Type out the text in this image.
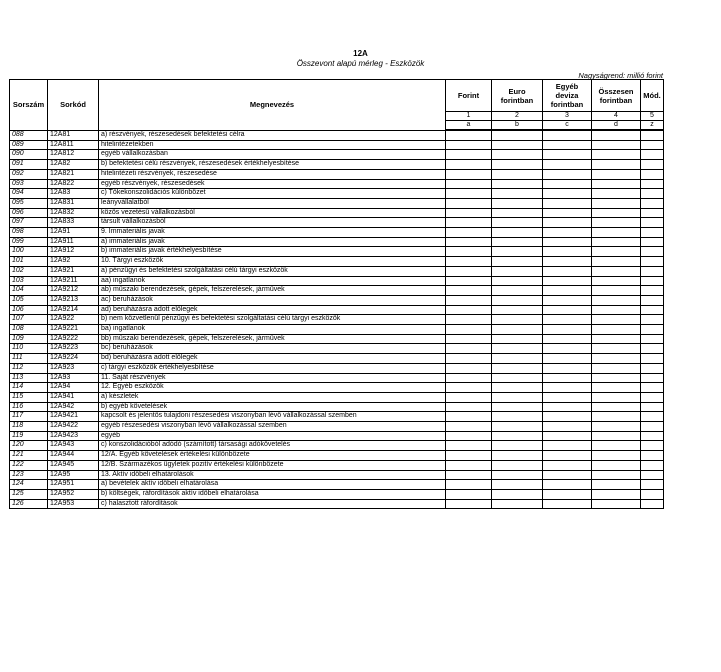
12A
Összevont alapú mérleg - Eszközök
Nagyságrend: millió forint
Sorszám	Sorkód	Megnevezés	Forint	Euro forintban	Egyéb deviza forintban	Összesen forintban	Mód.
			1	2	3	4	5
			a	b	c	d	z
088	12A81	a) részvények, részesedések befektetési célra					
089	12A811	hitelintézetekben					
090	12A812	egyéb vállalkozásban					
091	12A82	b) befektetési célú részvények, részesedések értékhelyesbítése					
092	12A821	hitelintézeti részvények, részesedése					
093	12A822	egyéb részvények, részesedések					
094	12A83	c) Tőkekonszolidációs különbözet					
095	12A831	leányvállalatból					
096	12A832	közös vezetésű vállalkozásból					
097	12A833	társult vállalkozásból					
098	12A91	9. Immateriális javak					
099	12A911	a) immateriális javak					
100	12A912	b) immateriális javak értékhelyesbítése					
101	12A92	10. Tárgyi eszközök					
102	12A921	a) pénzügyi és befektetési szolgáltatási célú tárgyi eszközök					
103	12A9211	aa) ingatlanok					
104	12A9212	ab) műszaki berendezések, gépek, felszerelések, járművek					
105	12A9213	ac) beruházások					
106	12A9214	ad) beruházásra adott előlegek					
107	12A922	b) nem közvetlenül pénzügyi és befektetési szolgáltatási célú tárgyi eszközök					
108	12A9221	ba) ingatlanok					
109	12A9222	bb) műszaki berendezések, gépek, felszerelések, járművek					
110	12A9223	bc) beruházások					
111	12A9224	bd) beruházásra adott előlegek					
112	12A923	c) tárgyi eszközök értékhelyesbítése					
113	12A93	11. Saját részvények					
114	12A94	12. Egyéb eszközök					
115	12A941	a) készletek					
116	12A942	b) egyéb követelések					
117	12A9421	kapcsolt és jelentős tulajdoni részesedési viszonyban lévő vállalkozással szemben					
118	12A9422	egyéb részesedési viszonyban lévő vállalkozással szemben					
119	12A9423	egyéb					
120	12A943	c) konszolidációból adódó (számított) társasági adókövetelés					
121	12A944	12/A. Egyéb követelések értékelési különbözete					
122	12A945	12/B. Származékos ügyletek pozitív értékelési különbözete					
123	12A95	13. Aktív időbeli elhatárolások					
124	12A951	a) bevételek aktív időbeli elhatárolása					
125	12A952	b) költségek, ráfordítások aktív időbeli elhatárolása					
126	12A953	c) halasztott ráfordítások					
